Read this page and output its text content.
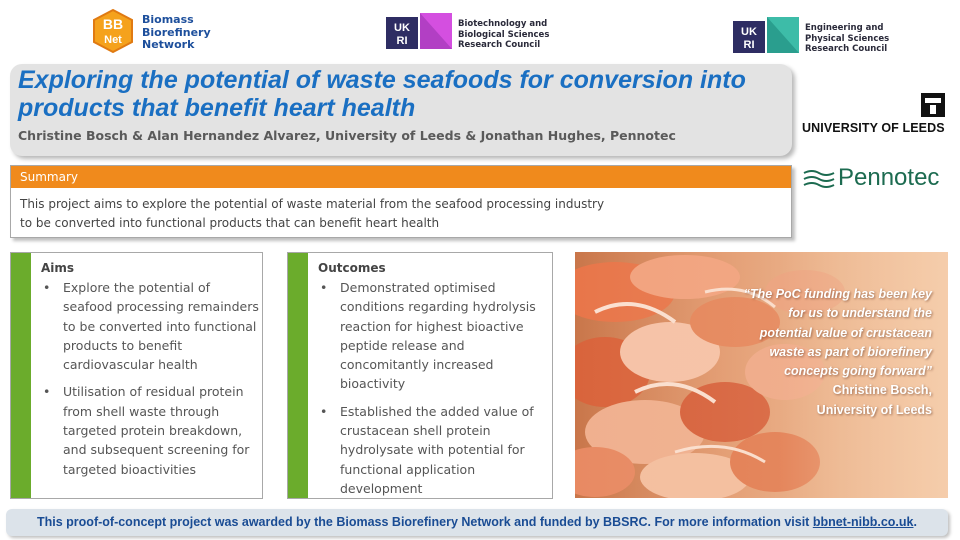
BB
Net
Biomass
Biorefinery
Network
UK
RI
Biotechnology and
Biological Sciences
Research Council
UK
RI
Engineering and
Physical Sciences
Research Council
UNIVERSITY OF LEEDS
Pennotec
Exploring the potential of waste seafoods for conversion into products that benefit heart health
Christine Bosch & Alan Hernandez Alvarez, University of Leeds & Jonathan Hughes, Pennotec
Summary
This project aims to explore the potential of waste material from the seafood processing industry
to be converted into functional products that can benefit heart health
Aims
• Explore the potential of seafood processing remainders to be converted into functional products to benefit cardiovascular health
• Utilisation of residual protein from shell waste through targeted protein breakdown, and subsequent screening for targeted bioactivities
Outcomes
• Demonstrated optimised conditions regarding hydrolysis reaction for highest bioactive peptide release and concomitantly increased bioactivity
• Established the added value of crustacean shell protein hydrolysate with potential for functional application development
“The PoC funding has been key for us to understand the potential value of crustacean waste as part of biorefinery concepts going forward”
Christine Bosch,
University of Leeds
This proof-of-concept project was awarded by the Biomass Biorefinery Network and funded by BBSRC. For more information visit bbnet-nibb.co.uk.
